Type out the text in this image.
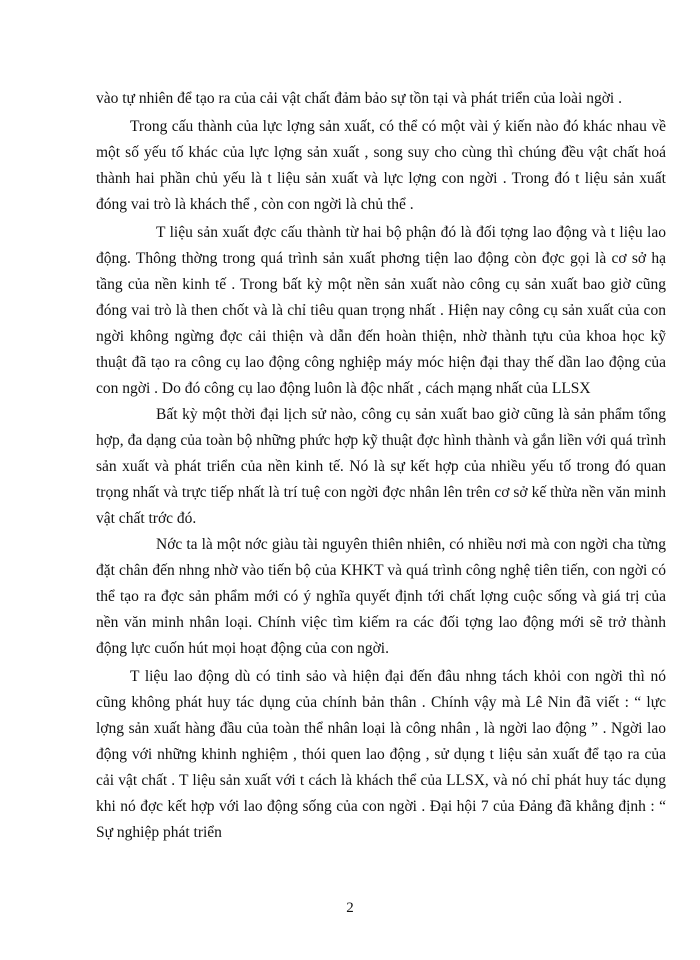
vào tự nhiên để tạo ra của cải vật chất đảm bảo sự tồn tại và phát triển của loài ngời .

Trong cấu thành của lực lợng sản xuất, có thể có một vài ý kiến nào đó khác nhau về một số yếu tố khác của lực lợng sản xuất , song suy cho cùng thì chúng đều vật chất hoá thành hai phần chủ yếu là t liệu sản xuất và lực lợng con ngời . Trong đó t liệu sản xuất đóng vai trò là khách thể , còn con ngời là chủ thể .

T liệu sản xuất đợc cấu thành từ hai bộ phận đó là đối tợng lao động và t liệu lao động. Thông thờng trong quá trình sản xuất phơng tiện lao động còn đợc gọi là cơ sở hạ tầng của nền kinh tế . Trong bất kỳ một nền sản xuất nào công cụ sản xuất bao giờ cũng đóng vai trò là then chốt và là chỉ tiêu quan trọng nhất . Hiện nay công cụ sản xuất của con ngời không ngừng đợc cải thiện và dẫn đến hoàn thiện, nhờ thành tựu của khoa học kỹ thuật đã tạo ra công cụ lao động công nghiệp máy móc hiện đại thay thế dần lao động của con ngời . Do đó công cụ lao động luôn là độc nhất , cách mạng nhất của LLSX

Bất kỳ một thời đại lịch sử nào, công cụ sản xuất bao giờ cũng là sản phẩm tổng hợp, đa dạng của toàn bộ những phức hợp kỹ thuật đợc hình thành và gắn liền với quá trình sản xuất và phát triển của nền kinh tế. Nó là sự kết hợp của nhiều yếu tố trong đó quan trọng nhất và trực tiếp nhất là trí tuệ con ngời đợc nhân lên trên cơ sở kế thừa nền văn minh vật chất trớc đó.

Nớc ta là một nớc giàu tài nguyên thiên nhiên, có nhiều nơi mà con ngời cha từng đặt chân đến nhng nhờ vào tiến bộ của KHKT và quá trình công nghệ tiên tiến, con ngời có thể tạo ra đợc sản phẩm mới có ý nghĩa quyết định tới chất lợng cuộc sống và giá trị của nền văn minh nhân loại. Chính việc tìm kiếm ra các đối tợng lao động mới sẽ trở thành động lực cuốn hút mọi hoạt động của con ngời.

T liệu lao động dù có tinh sảo và hiện đại đến đâu nhng tách khỏi con ngời thì nó cũng không phát huy tác dụng của chính bản thân . Chính vậy mà Lê Nin đã viết : “ lực lợng sản xuất hàng đầu của toàn thể nhân loại là công nhân , là ngời lao động ” . Ngời lao động với những khinh nghiệm , thói quen lao động , sử dụng t liệu sản xuất để tạo ra của cải vật chất . T liệu sản xuất với t cách là khách thể của LLSX, và nó chỉ phát huy tác dụng khi nó đợc kết hợp với lao động sống của con ngời . Đại hội 7 của Đảng đã khẳng định : “ Sự nghiệp phát triển

2
